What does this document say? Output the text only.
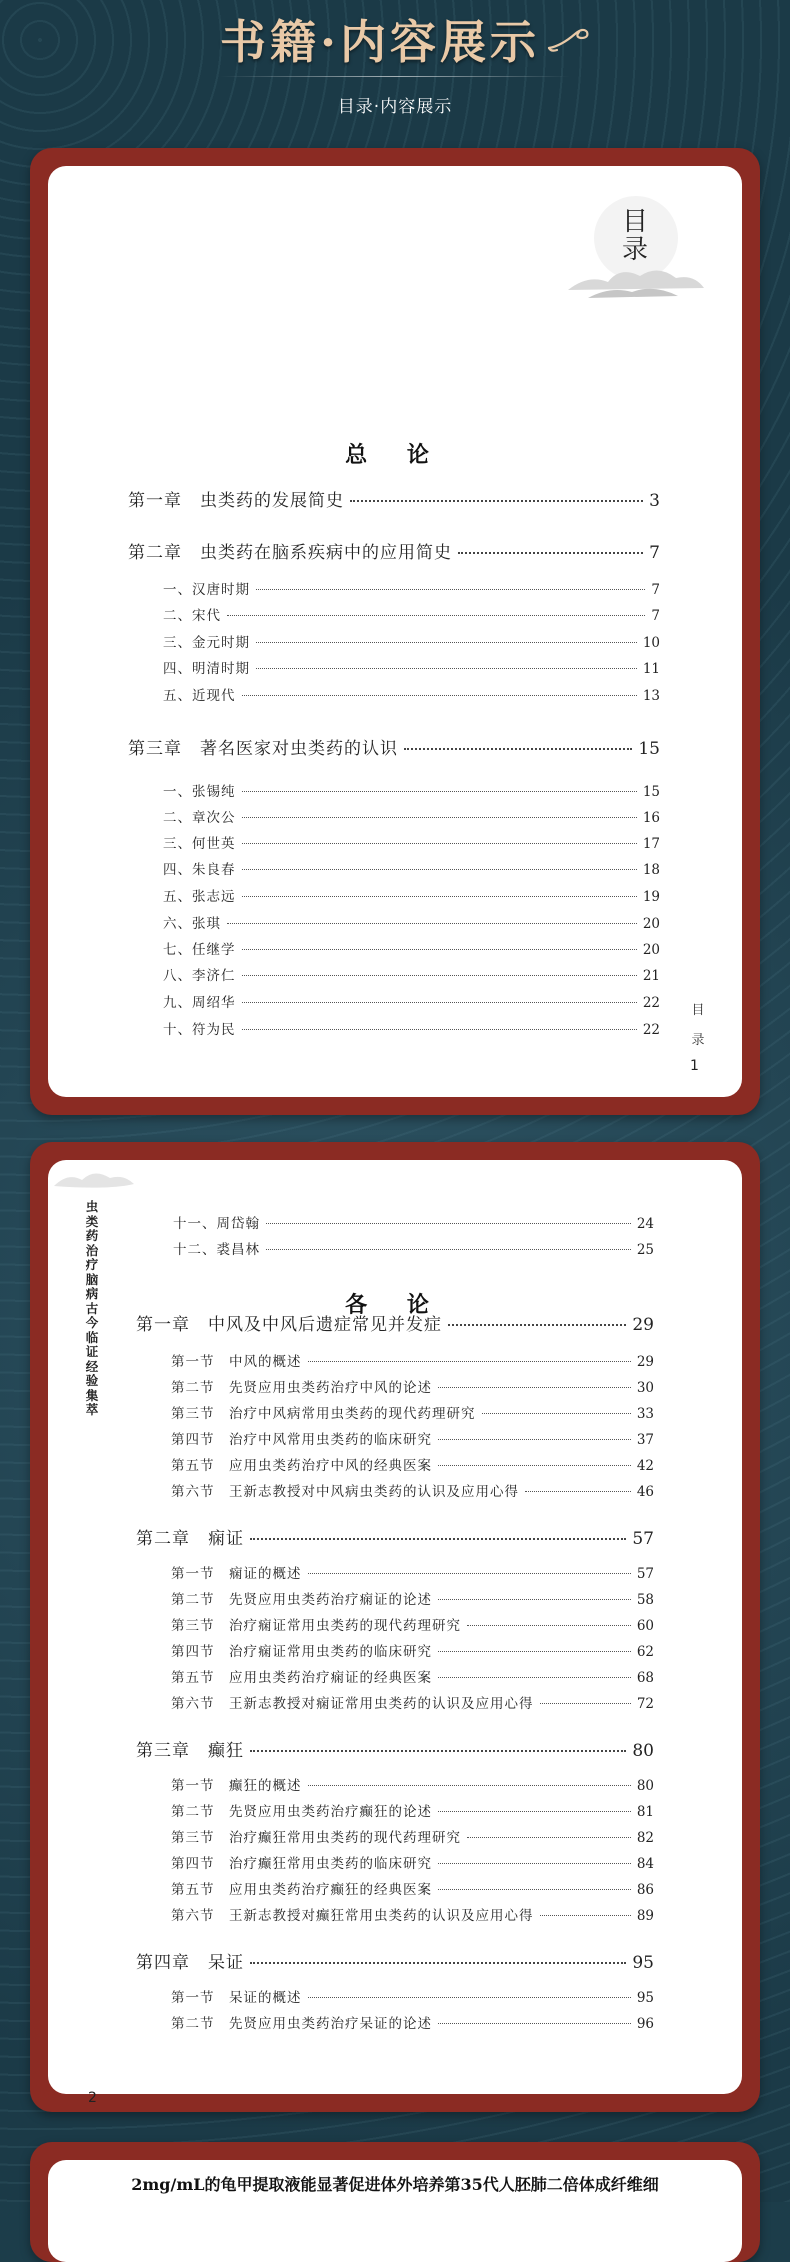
书籍·内容展示
目录·内容展示
目录
总 论
第一章　虫类药的发展简史	3
第二章　虫类药在脑系疾病中的应用简史	7
一、汉唐时期	7
二、宋代	7
三、金元时期	10
四、明清时期	11
五、近现代	13
第三章　著名医家对虫类药的认识	15
一、张锡纯	15
二、章次公	16
三、何世英	17
四、朱良春	18
五、张志远	19
六、张琪	20
七、任继学	20
八、李济仁	21
九、周绍华	22
十、符为民	22
目录
1
虫类药治疗脑病古今临证经验集萃
十一、周岱翰	24
十二、裘昌林	25
各 论
第一章　中风及中风后遗症常见并发症	29
第一节　中风的概述	29
第二节　先贤应用虫类药治疗中风的论述	30
第三节　治疗中风病常用虫类药的现代药理研究	33
第四节　治疗中风常用虫类药的临床研究	37
第五节　应用虫类药治疗中风的经典医案	42
第六节　王新志教授对中风病虫类药的认识及应用心得	46
第二章　痫证	57
第一节　痫证的概述	57
第二节　先贤应用虫类药治疗痫证的论述	58
第三节　治疗痫证常用虫类药的现代药理研究	60
第四节　治疗痫证常用虫类药的临床研究	62
第五节　应用虫类药治疗痫证的经典医案	68
第六节　王新志教授对痫证常用虫类药的认识及应用心得	72
第三章　癫狂	80
第一节　癫狂的概述	80
第二节　先贤应用虫类药治疗癫狂的论述	81
第三节　治疗癫狂常用虫类药的现代药理研究	82
第四节　治疗癫狂常用虫类药的临床研究	84
第五节　应用虫类药治疗癫狂的经典医案	86
第六节　王新志教授对癫狂常用虫类药的认识及应用心得	89
第四章　呆证	95
第一节　呆证的概述	95
第二节　先贤应用虫类药治疗呆证的论述	96
2
2mg/mL的龟甲提取液能显著促进体外培养第35代人胚肺二倍体成纤维细
